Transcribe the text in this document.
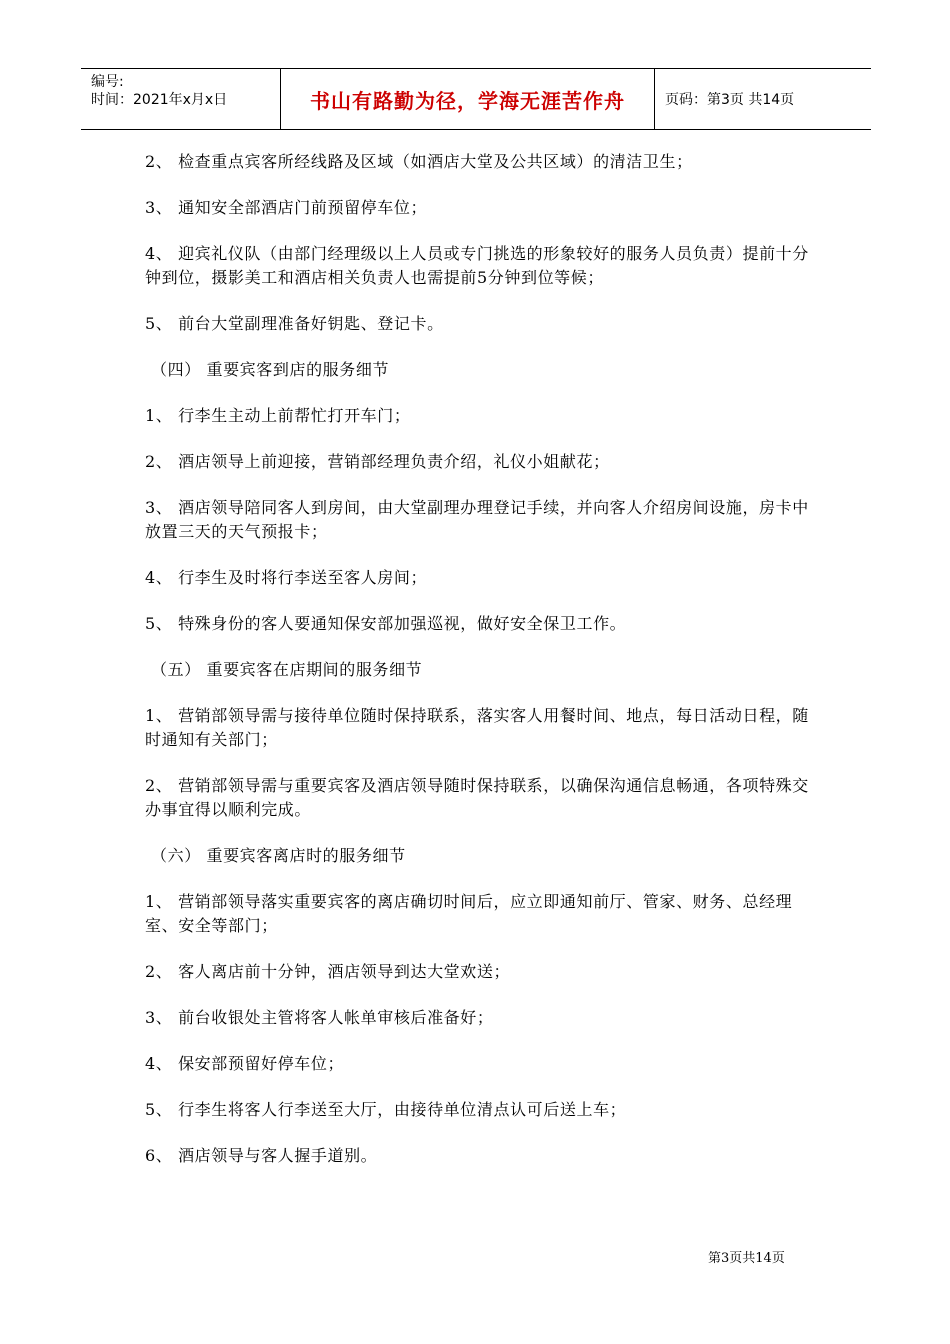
编号:
时间：2021年x月x日	书山有路勤为径，学海无涯苦作舟	页码：第3页 共14页

2、 检查重点宾客所经线路及区域（如酒店大堂及公共区域）的清洁卫生；

3、 通知安全部酒店门前预留停车位；

4、 迎宾礼仪队（由部门经理级以上人员或专门挑选的形象较好的服务人员负责）提前十分钟到位，摄影美工和酒店相关负责人也需提前5分钟到位等候；

5、 前台大堂副理准备好钥匙、登记卡。

（四） 重要宾客到店的服务细节

1、 行李生主动上前帮忙打开车门；

2、 酒店领导上前迎接，营销部经理负责介绍，礼仪小姐献花；

3、 酒店领导陪同客人到房间，由大堂副理办理登记手续，并向客人介绍房间设施，房卡中放置三天的天气预报卡；

4、 行李生及时将行李送至客人房间；

5、 特殊身份的客人要通知保安部加强巡视，做好安全保卫工作。

（五） 重要宾客在店期间的服务细节

1、 营销部领导需与接待单位随时保持联系，落实客人用餐时间、地点，每日活动日程，随时通知有关部门；

2、 营销部领导需与重要宾客及酒店领导随时保持联系，以确保沟通信息畅通，各项特殊交办事宜得以顺利完成。

（六） 重要宾客离店时的服务细节

1、 营销部领导落实重要宾客的离店确切时间后，应立即通知前厅、管家、财务、总经理室、安全等部门；

2、 客人离店前十分钟，酒店领导到达大堂欢送；

3、 前台收银处主管将客人帐单审核后准备好；

4、 保安部预留好停车位；

5、 行李生将客人行李送至大厅，由接待单位清点认可后送上车；

6、 酒店领导与客人握手道别。

第3页共14页
